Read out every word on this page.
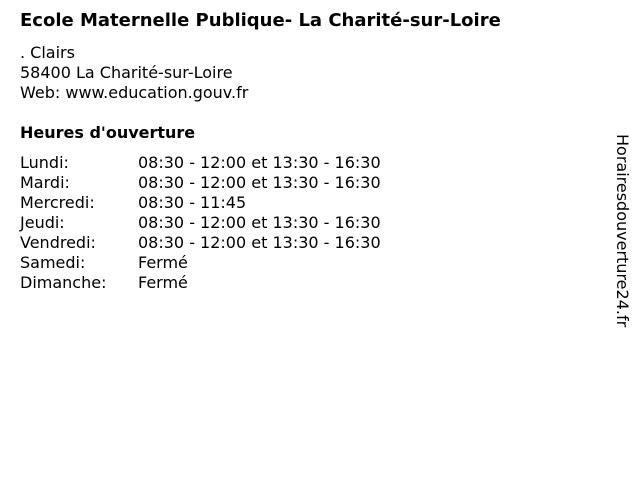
Ecole Maternelle Publique- La Charité-sur-Loire
. Clairs
58400 La Charité-sur-Loire
Web: www.education.gouv.fr
Heures d'ouverture
Lundi:	08:30 - 12:00 et 13:30 - 16:30
Mardi:	08:30 - 12:00 et 13:30 - 16:30
Mercredi:	08:30 - 11:45
Jeudi:	08:30 - 12:00 et 13:30 - 16:30
Vendredi:	08:30 - 12:00 et 13:30 - 16:30
Samedi:	Fermé
Dimanche:	Fermé	Horairesdouverture24.fr
